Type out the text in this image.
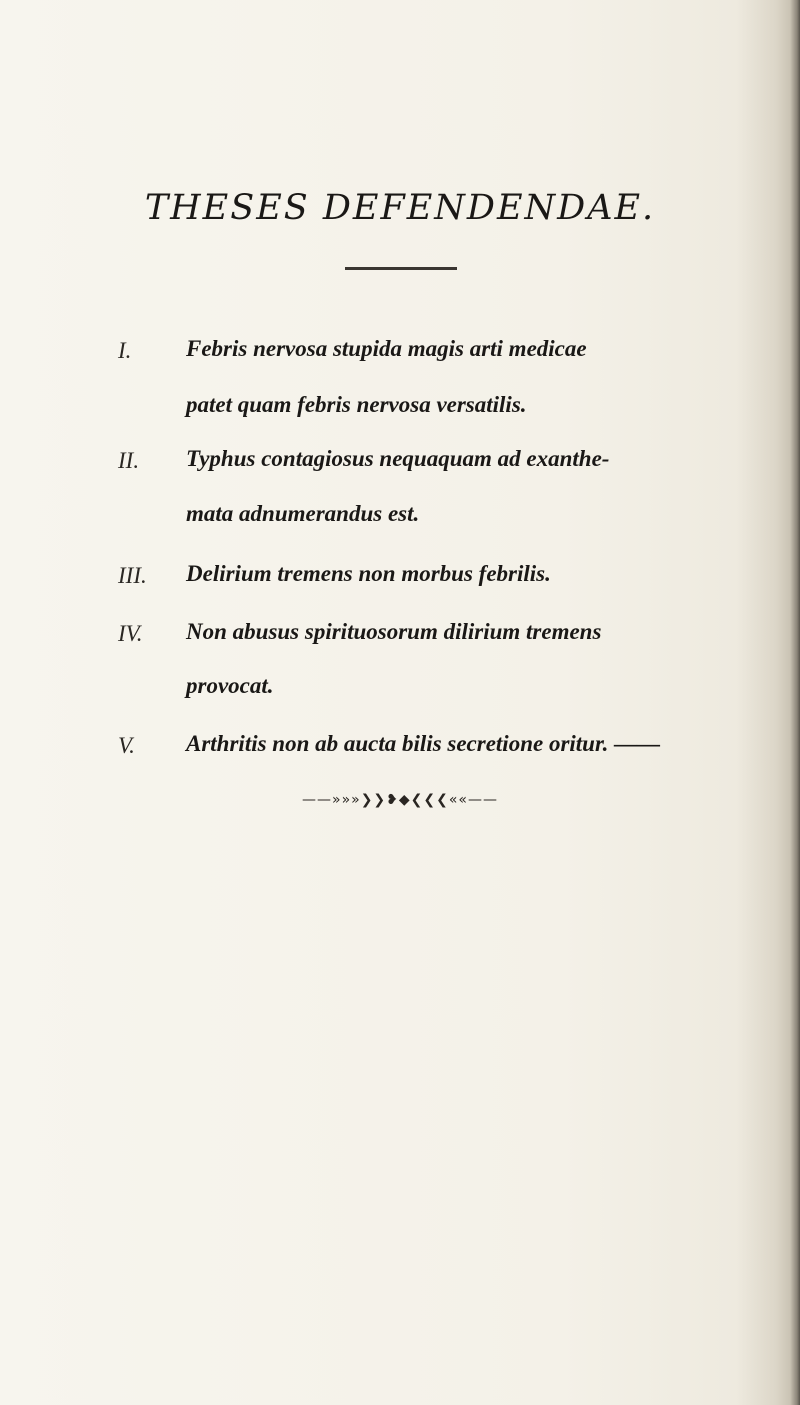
THESES DEFENDENDAE.
I. Febris nervosa stupida magis arti medicae
patet quam febris nervosa versatilis.
II. Typhus contagiosus nequaquam ad exanthe-
mata adnumerandus est.
III. Delirium tremens non morbus febrilis.
IV. Non abusus spirituosorum dilirium tremens
provocat.
V. Arthritis non ab aucta bilis secretione oritur. ——
——»»»❯❯❥◆❮❮❮««——
